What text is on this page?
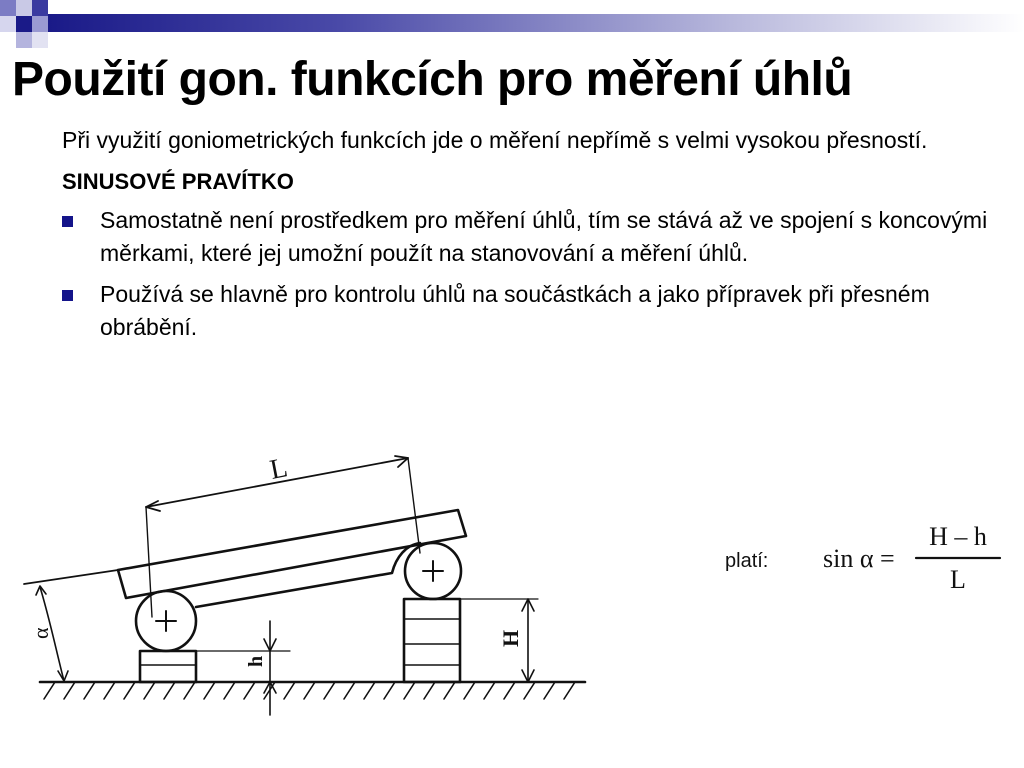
Použití gon. funkcích pro měření úhlů

Při využití goniometrických funkcích jde o měření nepřímě s velmi vysokou přesností.

SINUSOVÉ PRAVÍTKO

Samostatně není prostředkem pro měření úhlů, tím se stává až ve spojení s koncovými měrkami, které jej umožní použít na stanovování a měření úhlů.
Používá se hlavně pro kontrolu úhlů na součástkách a jako přípravek při přesném obrábění.
L
α
h
H
platí: sin α =
H – h
L
